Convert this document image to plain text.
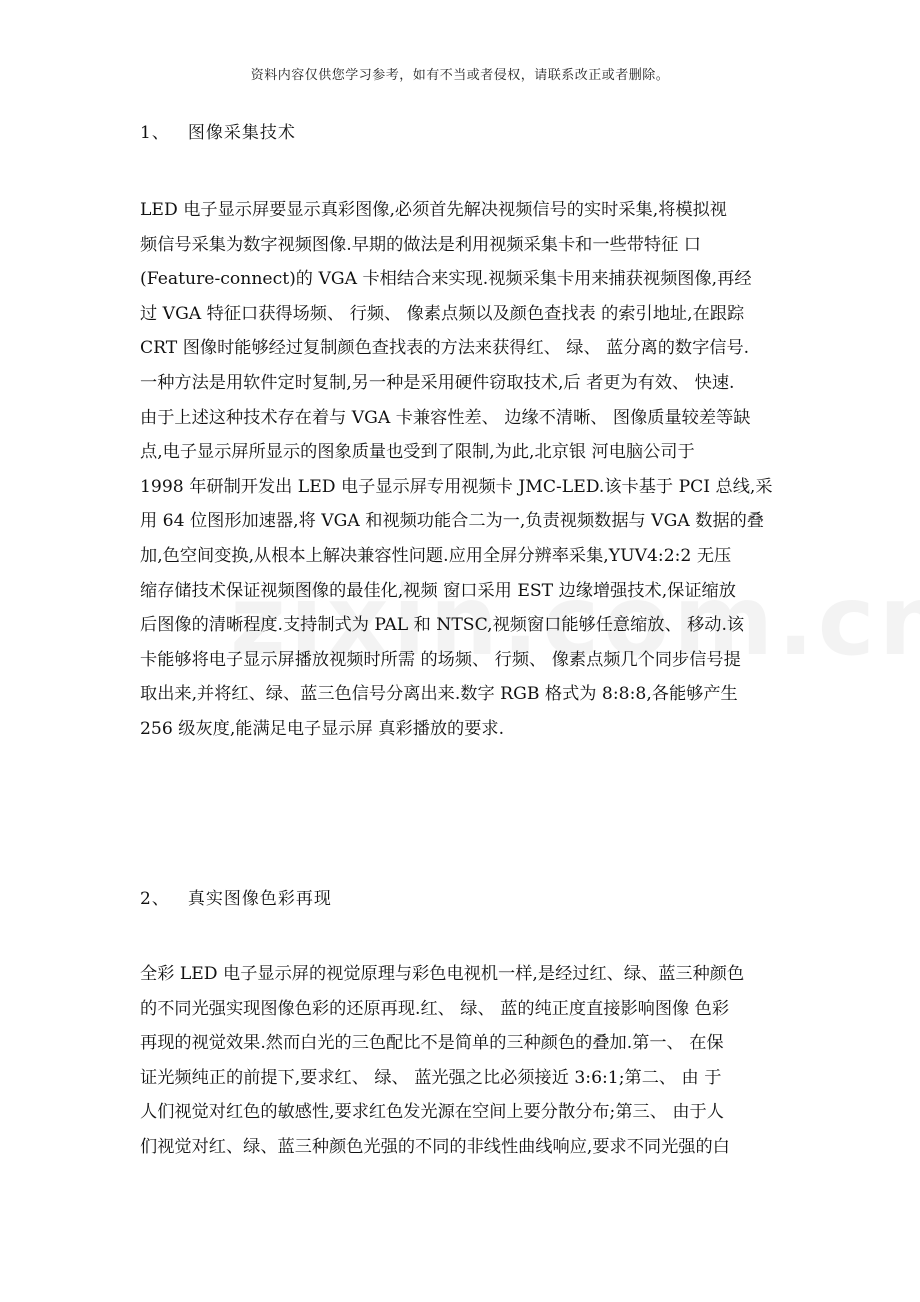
资料内容仅供您学习参考，如有不当或者侵权，请联系改正或者删除。
1、 图像采集技术
LED 电子显示屏要显示真彩图像,必须首先解决视频信号的实时采集,将模拟视
频信号采集为数字视频图像.早期的做法是利用视频采集卡和一些带特征 口
(Feature-connect)的 VGA 卡相结合来实现.视频采集卡用来捕获视频图像,再经
过 VGA 特征口获得场频、 行频、 像素点频以及颜色查找表 的索引地址,在跟踪
CRT 图像时能够经过复制颜色查找表的方法来获得红、 绿、 蓝分离的数字信号.
一种方法是用软件定时复制,另一种是采用硬件窃取技术,后 者更为有效、 快速.
由于上述这种技术存在着与 VGA 卡兼容性差、 边缘不清晰、 图像质量较差等缺
点,电子显示屏所显示的图象质量也受到了限制,为此,北京银 河电脑公司于
1998 年研制开发出 LED 电子显示屏专用视频卡 JMC-LED.该卡基于 PCI 总线,采
用 64 位图形加速器,将 VGA 和视频功能合二为一,负责视频数据与 VGA 数据的叠
加,色空间变换,从根本上解决兼容性问题.应用全屏分辨率采集,YUV4:2:2 无压
缩存储技术保证视频图像的最佳化,视频 窗口采用 EST 边缘增强技术,保证缩放
后图像的清晰程度.支持制式为 PAL 和 NTSC,视频窗口能够任意缩放、 移动.该
卡能够将电子显示屏播放视频时所需 的场频、 行频、 像素点频几个同步信号提
取出来,并将红、绿、蓝三色信号分离出来.数字 RGB 格式为 8:8:8,各能够产生
256 级灰度,能满足电子显示屏 真彩播放的要求.
2、 真实图像色彩再现
全彩 LED 电子显示屏的视觉原理与彩色电视机一样,是经过红、绿、蓝三种颜色
的不同光强实现图像色彩的还原再现.红、 绿、 蓝的纯正度直接影响图像 色彩
再现的视觉效果.然而白光的三色配比不是简单的三种颜色的叠加.第一、 在保
证光频纯正的前提下,要求红、 绿、 蓝光强之比必须接近 3:6:1;第二、 由 于
人们视觉对红色的敏感性,要求红色发光源在空间上要分散分布;第三、 由于人
们视觉对红、绿、蓝三种颜色光强的不同的非线性曲线响应,要求不同光强的白
